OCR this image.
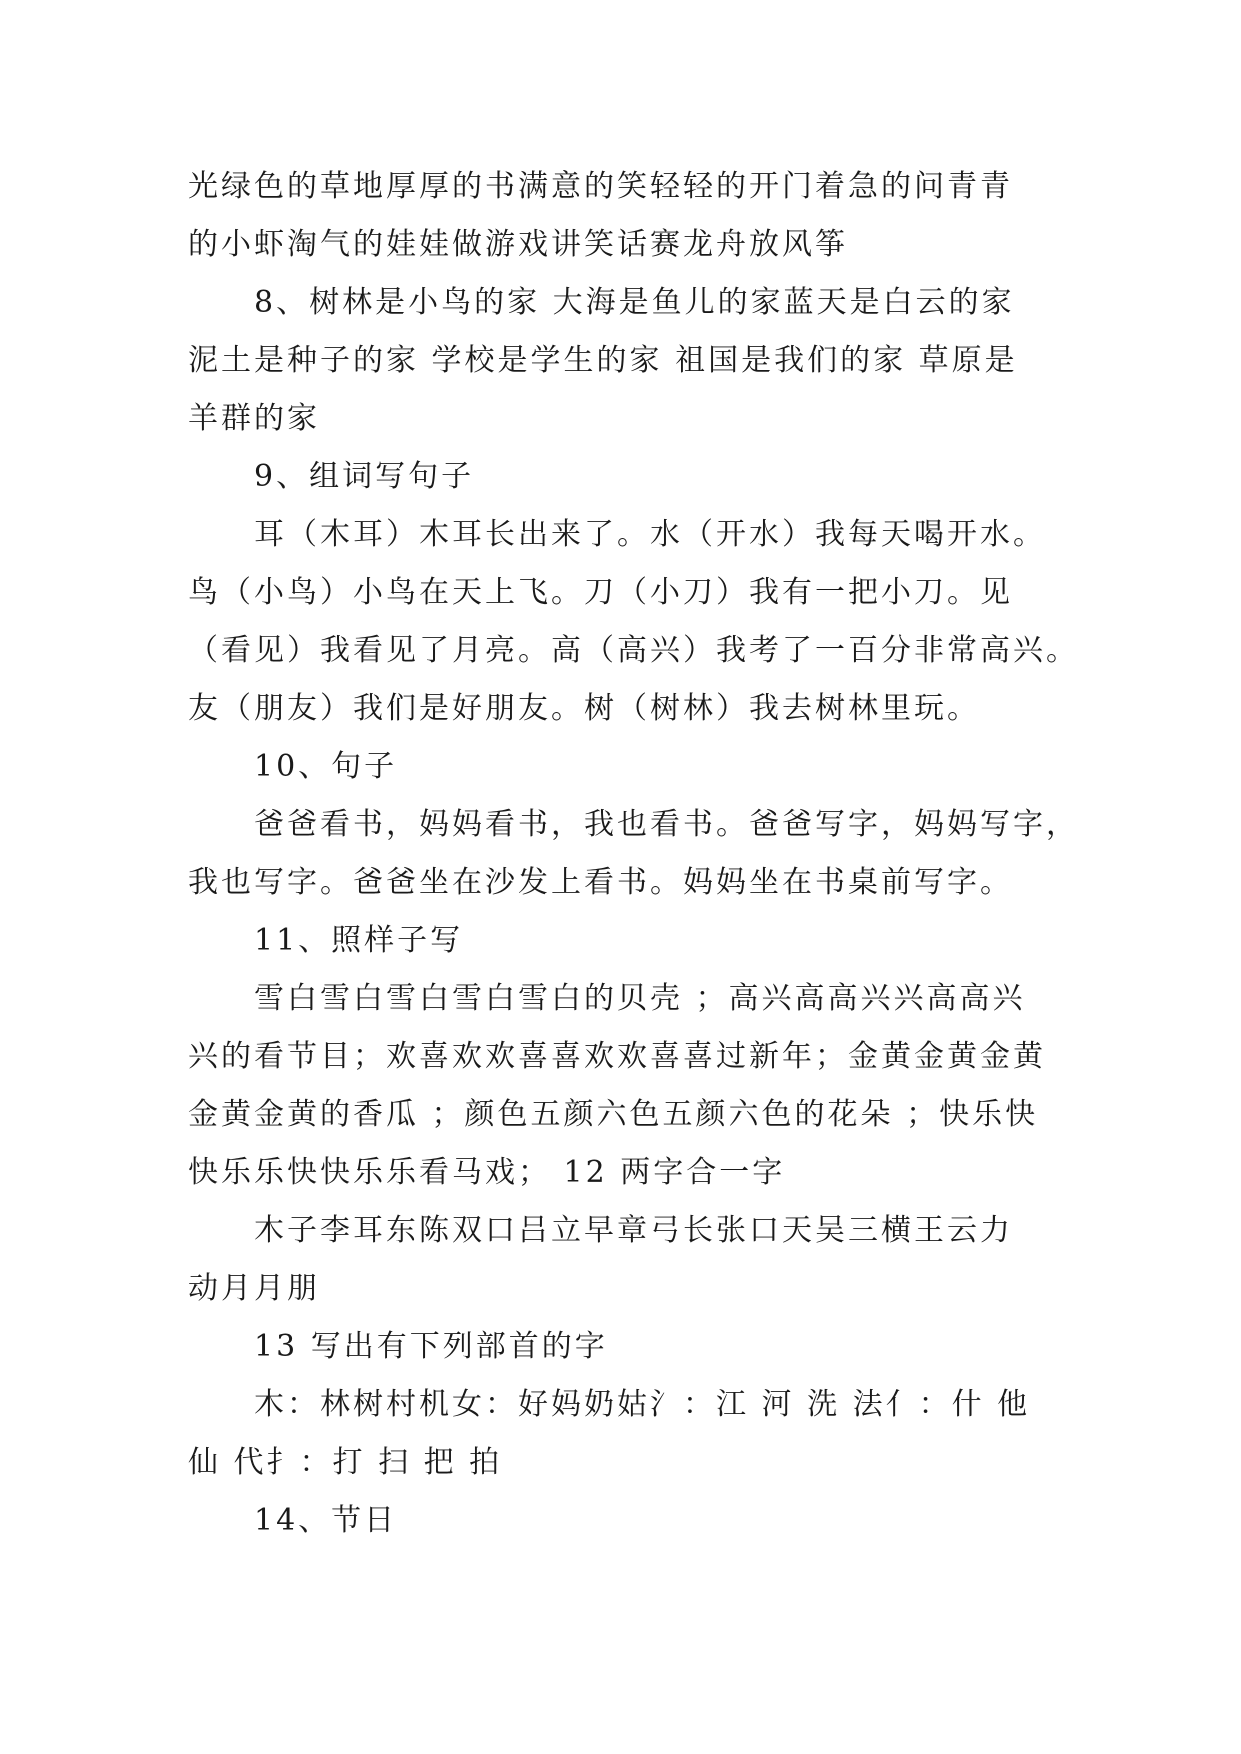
光绿色的草地厚厚的书满意的笑轻轻的开门着急的问青青
的小虾淘气的娃娃做游戏讲笑话赛龙舟放风筝
8、树林是小鸟的家 大海是鱼儿的家蓝天是白云的家
泥土是种子的家 学校是学生的家 祖国是我们的家 草原是
羊群的家
9、组词写句子
耳（木耳）木耳长出来了。水（开水）我每天喝开水。
鸟（小鸟）小鸟在天上飞。刀（小刀）我有一把小刀。见
（看见）我看见了月亮。高（高兴）我考了一百分非常高兴。
友（朋友）我们是好朋友。树（树林）我去树林里玩。
10、句子
爸爸看书，妈妈看书，我也看书。爸爸写字，妈妈写字，
我也写字。爸爸坐在沙发上看书。妈妈坐在书桌前写字。
11、照样子写
雪白雪白雪白雪白雪白的贝壳 ；高兴高高兴兴高高兴
兴的看节目；欢喜欢欢喜喜欢欢喜喜过新年；金黄金黄金黄
金黄金黄的香瓜 ；颜色五颜六色五颜六色的花朵 ；快乐快
快乐乐快快乐乐看马戏； 12 两字合一字
木子李耳东陈双口吕立早章弓长张口天吴三横王云力
动月月朋
13 写出有下列部首的字
木：林树村机女：好妈奶姑氵：江 河 洗 法亻：什 他
仙 代扌：打 扫 把 拍
14、节日
